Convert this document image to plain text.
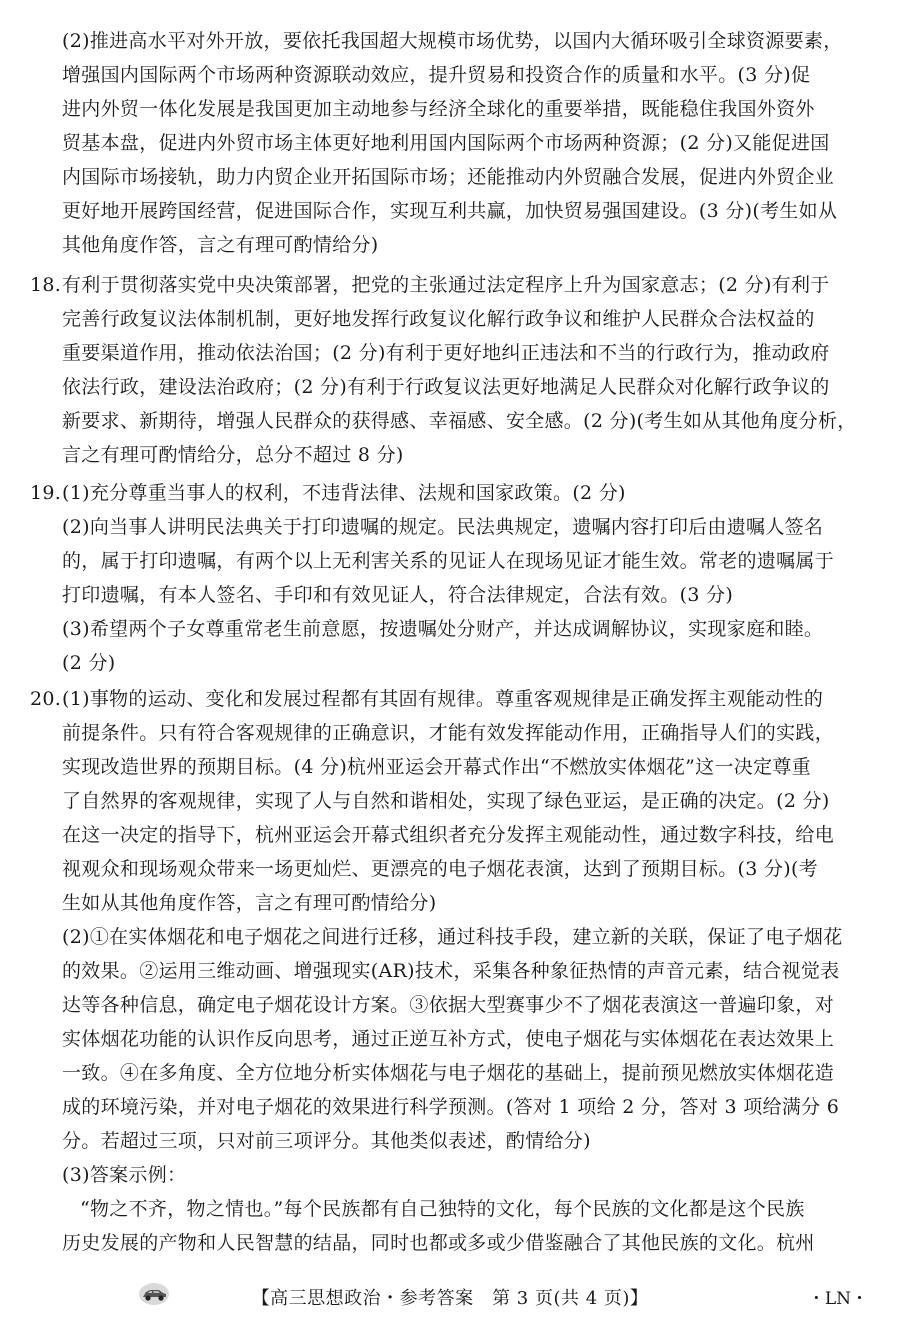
(2)推进高水平对外开放，要依托我国超大规模市场优势，以国内大循环吸引全球资源要素，
增强国内国际两个市场两种资源联动效应，提升贸易和投资合作的质量和水平。(3 分)促
进内外贸一体化发展是我国更加主动地参与经济全球化的重要举措，既能稳住我国外资外
贸基本盘，促进内外贸市场主体更好地利用国内国际两个市场两种资源；(2 分)又能促进国
内国际市场接轨，助力内贸企业开拓国际市场；还能推动内外贸融合发展，促进内外贸企业
更好地开展跨国经营，促进国际合作，实现互利共赢，加快贸易强国建设。(3 分)(考生如从
其他角度作答，言之有理可酌情给分)
18.有利于贯彻落实党中央决策部署，把党的主张通过法定程序上升为国家意志；(2 分)有利于
完善行政复议法体制机制，更好地发挥行政复议化解行政争议和维护人民群众合法权益的
重要渠道作用，推动依法治国；(2 分)有利于更好地纠正违法和不当的行政行为，推动政府
依法行政，建设法治政府；(2 分)有利于行政复议法更好地满足人民群众对化解行政争议的
新要求、新期待，增强人民群众的获得感、幸福感、安全感。(2 分)(考生如从其他角度分析，
言之有理可酌情给分，总分不超过 8 分)
19.(1)充分尊重当事人的权利，不违背法律、法规和国家政策。(2 分)
(2)向当事人讲明民法典关于打印遗嘱的规定。民法典规定，遗嘱内容打印后由遗嘱人签名
的，属于打印遗嘱，有两个以上无利害关系的见证人在现场见证才能生效。常老的遗嘱属于
打印遗嘱，有本人签名、手印和有效见证人，符合法律规定，合法有效。(3 分)
(3)希望两个子女尊重常老生前意愿，按遗嘱处分财产，并达成调解协议，实现家庭和睦。
(2 分)
20.(1)事物的运动、变化和发展过程都有其固有规律。尊重客观规律是正确发挥主观能动性的
前提条件。只有符合客观规律的正确意识，才能有效发挥能动作用，正确指导人们的实践，
实现改造世界的预期目标。(4 分)杭州亚运会开幕式作出“不燃放实体烟花”这一决定尊重
了自然界的客观规律，实现了人与自然和谐相处，实现了绿色亚运，是正确的决定。(2 分)
在这一决定的指导下，杭州亚运会开幕式组织者充分发挥主观能动性，通过数字科技，给电
视观众和现场观众带来一场更灿烂、更漂亮的电子烟花表演，达到了预期目标。(3 分)(考
生如从其他角度作答，言之有理可酌情给分)
(2)①在实体烟花和电子烟花之间进行迁移，通过科技手段，建立新的关联，保证了电子烟花
的效果。②运用三维动画、增强现实(AR)技术，采集各种象征热情的声音元素，结合视觉表
达等各种信息，确定电子烟花设计方案。③依据大型赛事少不了烟花表演这一普遍印象，对
实体烟花功能的认识作反向思考，通过正逆互补方式，使电子烟花与实体烟花在表达效果上
一致。④在多角度、全方位地分析实体烟花与电子烟花的基础上，提前预见燃放实体烟花造
成的环境污染，并对电子烟花的效果进行科学预测。(答对 1 项给 2 分，答对 3 项给满分 6
分。若超过三项，只对前三项评分。其他类似表述，酌情给分)
(3)答案示例：
“物之不齐，物之情也。”每个民族都有自己独特的文化，每个民族的文化都是这个民族
历史发展的产物和人民智慧的结晶，同时也都或多或少借鉴融合了其他民族的文化。杭州
【高三思想政治・参考答案　第 3 页(共 4 页)】	・LN・
